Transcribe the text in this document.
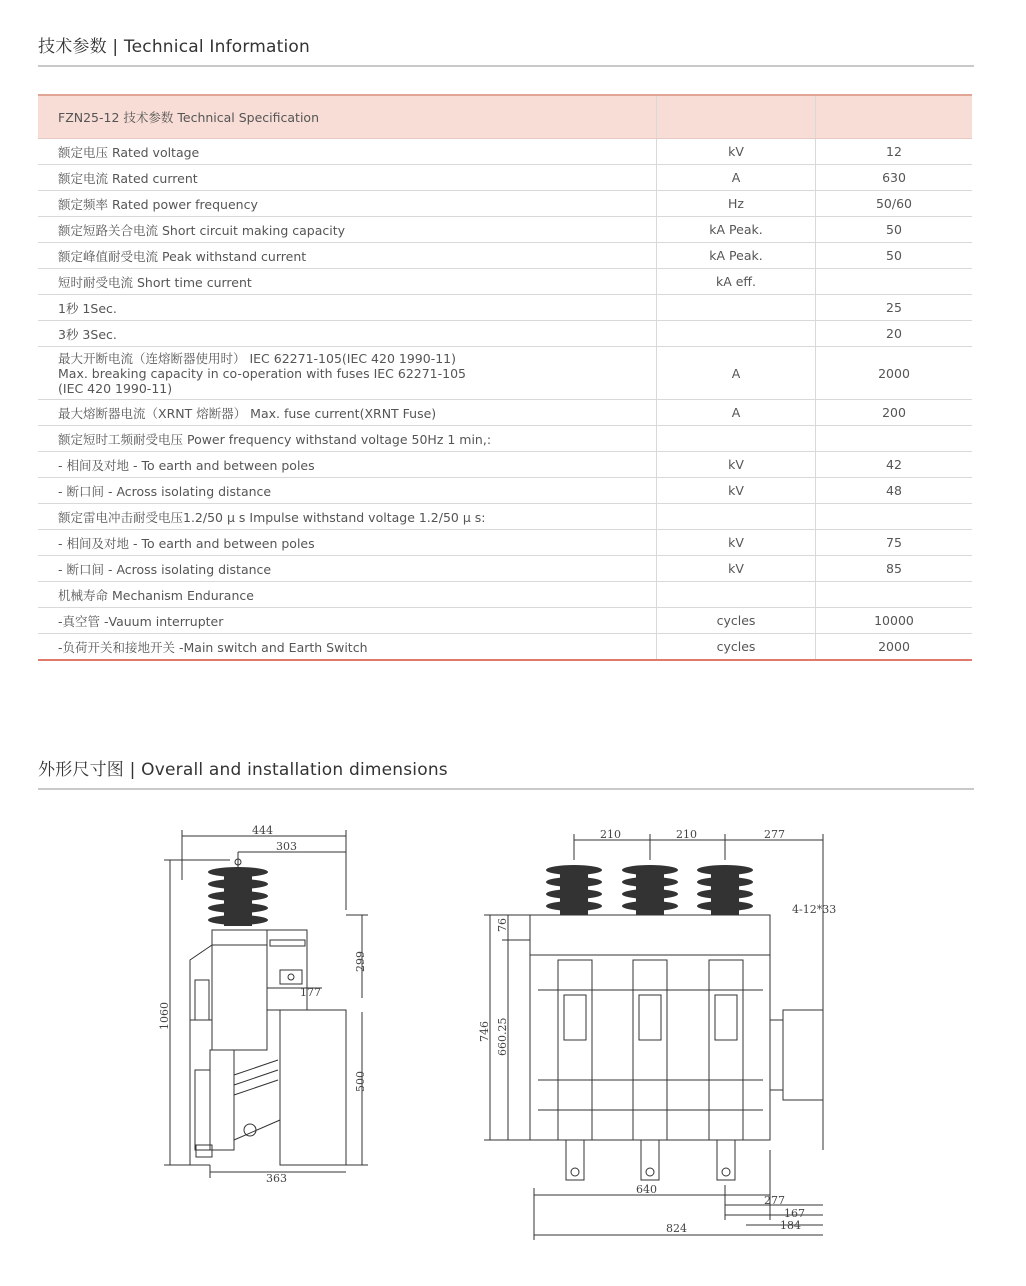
技术参数 | Technical Information
FZN25-12 技术参数 Technical Specification		
额定电压 Rated voltage	kV	12
额定电流 Rated current	A	630
额定频率 Rated power frequency	Hz	50/60
额定短路关合电流 Short circuit making capacity	kA Peak.	50
额定峰值耐受电流 Peak withstand current	kA Peak.	50
短时耐受电流 Short time current	kA eff.	
1秒 1Sec.		25
3秒 3Sec.		20

最大开断电流（连熔断器使用时） IEC 62271-105(IEC 420 1990-11)
Max. breaking capacity in co-operation with fuses IEC 62271-105
(IEC 420 1990-11)	A	2000
最大熔断器电流（XRNT 熔断器） Max. fuse current(XRNT Fuse)	A	200
额定短时工频耐受电压 Power frequency withstand voltage 50Hz 1 min,:		
- 相间及对地 - To earth and between poles	kV	42
- 断口间 - Across isolating distance	kV	48
额定雷电冲击耐受电压1.2/50 μ s Impulse withstand voltage 1.2/50 μ s:		
- 相间及对地 - To earth and between poles	kV	75
- 断口间 - Across isolating distance	kV	85
机械寿命 Mechanism Endurance		
-真空管 -Vauum interrupter	cycles	10000
-负荷开关和接地开关 -Main switch and Earth Switch	cycles	2000
外形尺寸图 | Overall and installation dimensions
444
303
177
363
1060
299
500
210	210	277
4-12*33
640
277
167
184
824
746 660.25
76
